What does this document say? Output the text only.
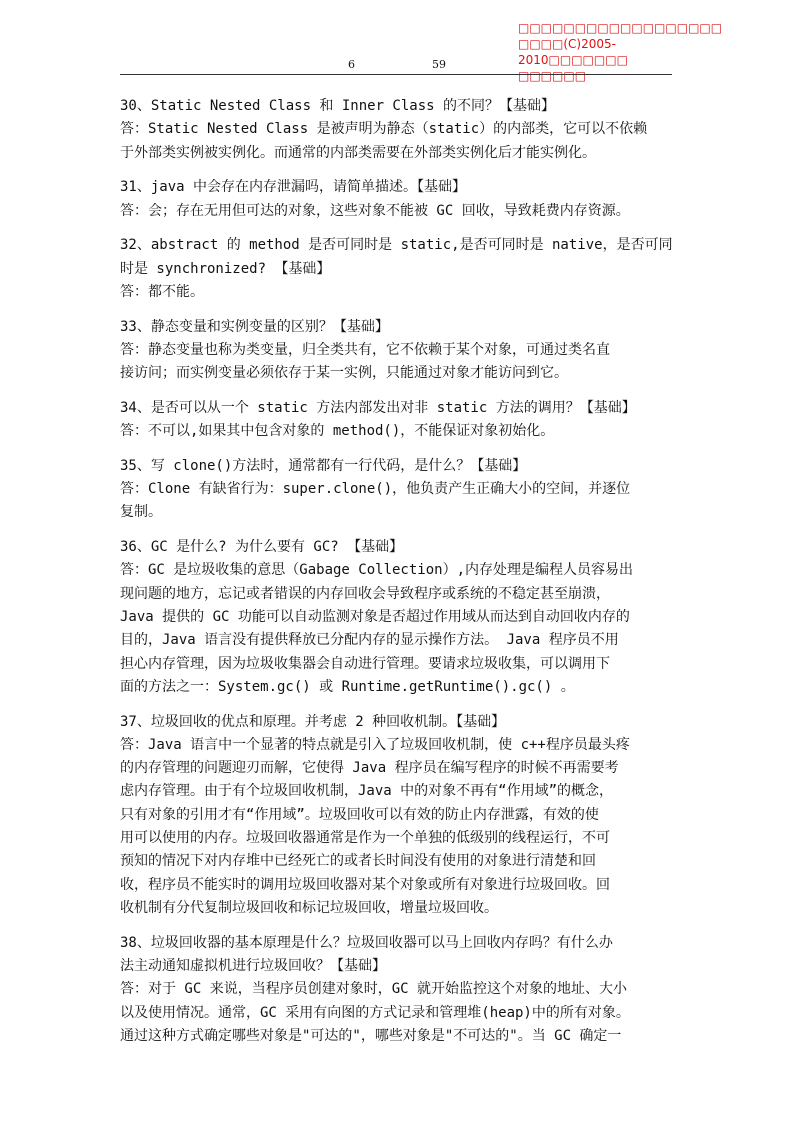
□□□□□□□□□□□□□□□□□□
□□□□(C)2005-2010□□□□□□□
□□□□□□
6	59

30、Static Nested Class 和 Inner Class 的不同？【基础】

答：Static Nested Class 是被声明为静态（static）的内部类，它可以不依赖

于外部类实例被实例化。而通常的内部类需要在外部类实例化后才能实例化。

31、java 中会存在内存泄漏吗，请简单描述。【基础】

答：会；存在无用但可达的对象，这些对象不能被 GC 回收，导致耗费内存资源。

32、abstract 的 method 是否可同时是 static,是否可同时是 native，是否可同

时是 synchronized? 【基础】

答：都不能。

33、静态变量和实例变量的区别？【基础】

答：静态变量也称为类变量，归全类共有，它不依赖于某个对象，可通过类名直

接访问；而实例变量必须依存于某一实例，只能通过对象才能访问到它。

34、是否可以从一个 static 方法内部发出对非 static 方法的调用？【基础】

答：不可以,如果其中包含对象的 method()，不能保证对象初始化。

35、写 clone()方法时，通常都有一行代码，是什么？【基础】

答：Clone 有缺省行为：super.clone()，他负责产生正确大小的空间，并逐位

复制。

36、GC 是什么? 为什么要有 GC? 【基础】

答：GC 是垃圾收集的意思（Gabage Collection）,内存处理是编程人员容易出

现问题的地方，忘记或者错误的内存回收会导致程序或系统的不稳定甚至崩溃，

Java 提供的 GC 功能可以自动监测对象是否超过作用域从而达到自动回收内存的

目的，Java 语言没有提供释放已分配内存的显示操作方法。 Java 程序员不用

担心内存管理，因为垃圾收集器会自动进行管理。要请求垃圾收集，可以调用下

面的方法之一：System.gc() 或 Runtime.getRuntime().gc() 。

37、垃圾回收的优点和原理。并考虑 2 种回收机制。【基础】

答：Java 语言中一个显著的特点就是引入了垃圾回收机制，使 c++程序员最头疼

的内存管理的问题迎刃而解，它使得 Java 程序员在编写程序的时候不再需要考

虑内存管理。由于有个垃圾回收机制，Java 中的对象不再有“作用域”的概念，

只有对象的引用才有“作用域”。垃圾回收可以有效的防止内存泄露，有效的使

用可以使用的内存。垃圾回收器通常是作为一个单独的低级别的线程运行，不可

预知的情况下对内存堆中已经死亡的或者长时间没有使用的对象进行清楚和回

收，程序员不能实时的调用垃圾回收器对某个对象或所有对象进行垃圾回收。回

收机制有分代复制垃圾回收和标记垃圾回收，增量垃圾回收。

38、垃圾回收器的基本原理是什么？垃圾回收器可以马上回收内存吗？有什么办

法主动通知虚拟机进行垃圾回收？【基础】

答：对于 GC 来说，当程序员创建对象时，GC 就开始监控这个对象的地址、大小

以及使用情况。通常，GC 采用有向图的方式记录和管理堆(heap)中的所有对象。

通过这种方式确定哪些对象是"可达的"，哪些对象是"不可达的"。当 GC 确定一
